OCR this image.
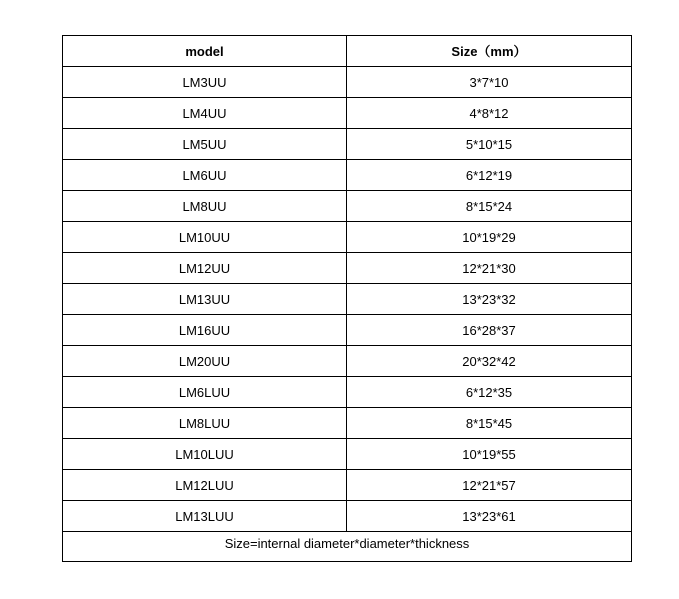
model	Size（mm）
LM3UU	3*7*10
LM4UU	4*8*12
LM5UU	5*10*15
LM6UU	6*12*19
LM8UU	8*15*24
LM10UU	10*19*29
LM12UU	12*21*30
LM13UU	13*23*32
LM16UU	16*28*37
LM20UU	20*32*42
LM6LUU	6*12*35
LM8LUU	8*15*45
LM10LUU	10*19*55
LM12LUU	12*21*57
LM13LUU	13*23*61
Size=internal diameter*diameter*thickness	
